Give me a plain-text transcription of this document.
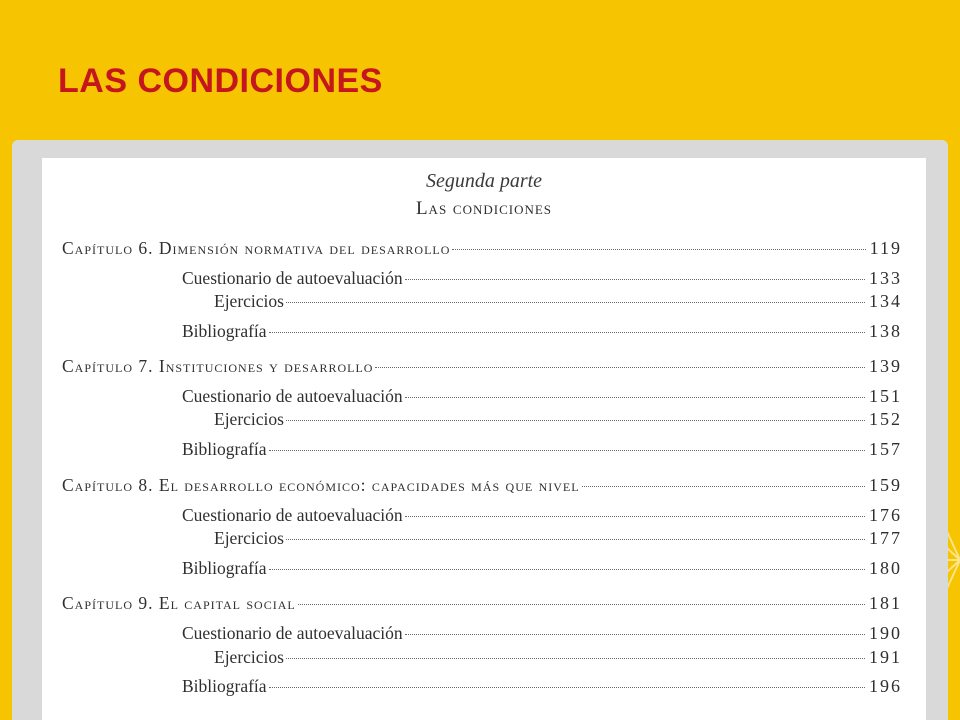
LAS CONDICIONES
Segunda parte
Las condiciones
Capítulo 6. Dimensión normativa del desarrollo	119
Cuestionario de autoevaluación	133
Ejercicios	134
Bibliografía	138
Capítulo 7. Instituciones y desarrollo	139
Cuestionario de autoevaluación	151
Ejercicios	152
Bibliografía	157
Capítulo 8. El desarrollo económico: capacidades más que nivel	159
Cuestionario de autoevaluación	176
Ejercicios	177
Bibliografía	180
Capítulo 9. El capital social	181
Cuestionario de autoevaluación	190
Ejercicios	191
Bibliografía	196
